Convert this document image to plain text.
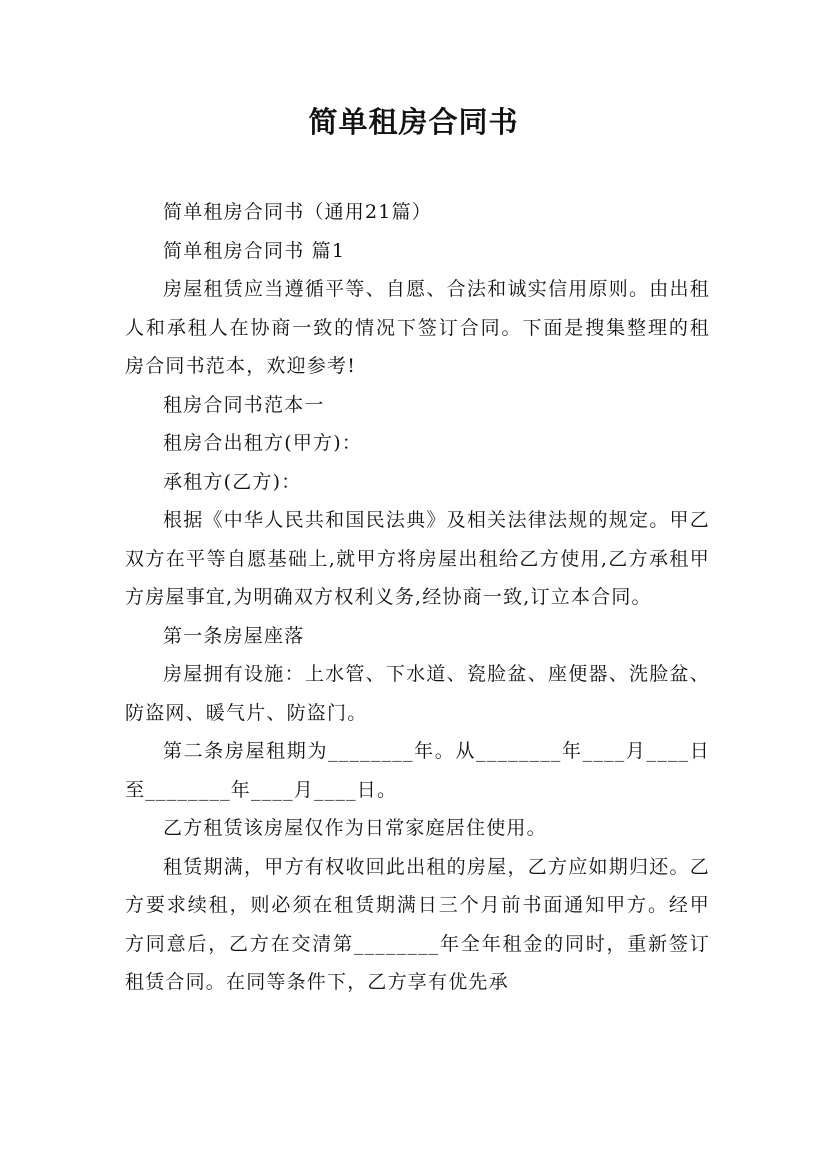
简单租房合同书

简单租房合同书（通用21篇）

简单租房合同书 篇1

房屋租赁应当遵循平等、自愿、合法和诚实信用原则。由出租人和承租人在协商一致的情况下签订合同。下面是搜集整理的租房合同书范本，欢迎参考!

租房合同书范本一

租房合出租方(甲方)：

承租方(乙方)：

根据《中华人民共和国民法典》及相关法律法规的规定。甲乙双方在平等自愿基础上,就甲方将房屋出租给乙方使用,乙方承租甲方房屋事宜,为明确双方权利义务,经协商一致,订立本合同。

第一条房屋座落

房屋拥有设施：上水管、下水道、瓷脸盆、座便器、洗脸盆、防盗网、暖气片、防盗门。

第二条房屋租期为________年。从________年____月____日至________年____月____日。

乙方租赁该房屋仅作为日常家庭居住使用。

租赁期满，甲方有权收回此出租的房屋，乙方应如期归还。乙方要求续租，则必须在租赁期满日三个月前书面通知甲方。经甲方同意后，乙方在交清第________年全年租金的同时，重新签订租赁合同。在同等条件下，乙方享有优先承
